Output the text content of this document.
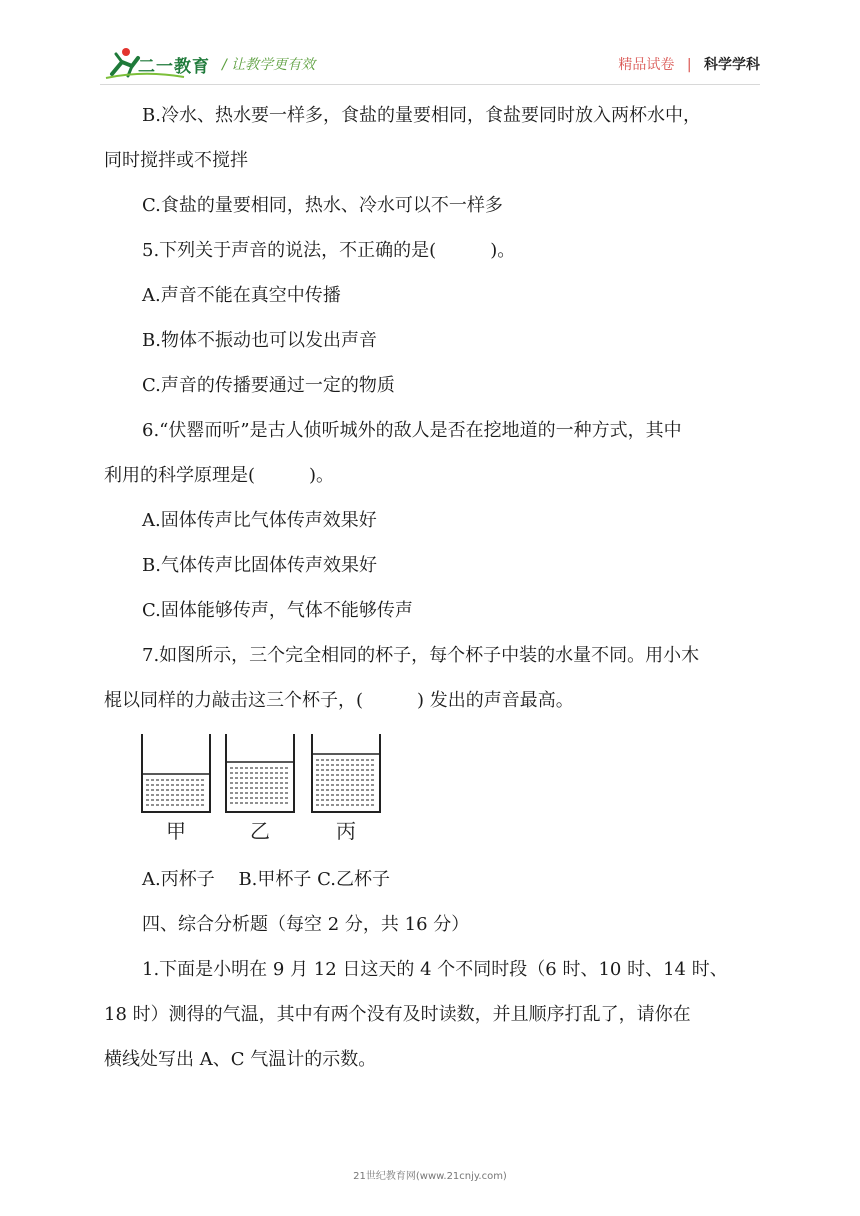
二一教育 / 让教学更有效	精品试卷 | 科学学科
B.冷水、热水要一样多，食盐的量要相同，食盐要同时放入两杯水中，
同时搅拌或不搅拌
C.食盐的量要相同，热水、冷水可以不一样多
5.下列关于声音的说法，不正确的是(　　　)。
A.声音不能在真空中传播
B.物体不振动也可以发出声音
C.声音的传播要通过一定的物质
6.“伏罂而听”是古人侦听城外的敌人是否在挖地道的一种方式，其中
利用的科学原理是(　　　)。
A.固体传声比气体传声效果好
B.气体传声比固体传声效果好
C.固体能够传声，气体不能够传声
7.如图所示，三个完全相同的杯子，每个杯子中装的水量不同。用小木
棍以同样的力敲击这三个杯子，(　　　) 发出的声音最高。
甲	乙	丙
A.丙杯子　 B.甲杯子 C.乙杯子
四、综合分析题（每空 2 分，共 16 分）
1.下面是小明在 9 月 12 日这天的 4 个不同时段（6 时、10 时、14 时、
18 时）测得的气温，其中有两个没有及时读数，并且顺序打乱了，请你在
横线处写出 A、C 气温计的示数。
21世纪教育网(www.21cnjy.com)
